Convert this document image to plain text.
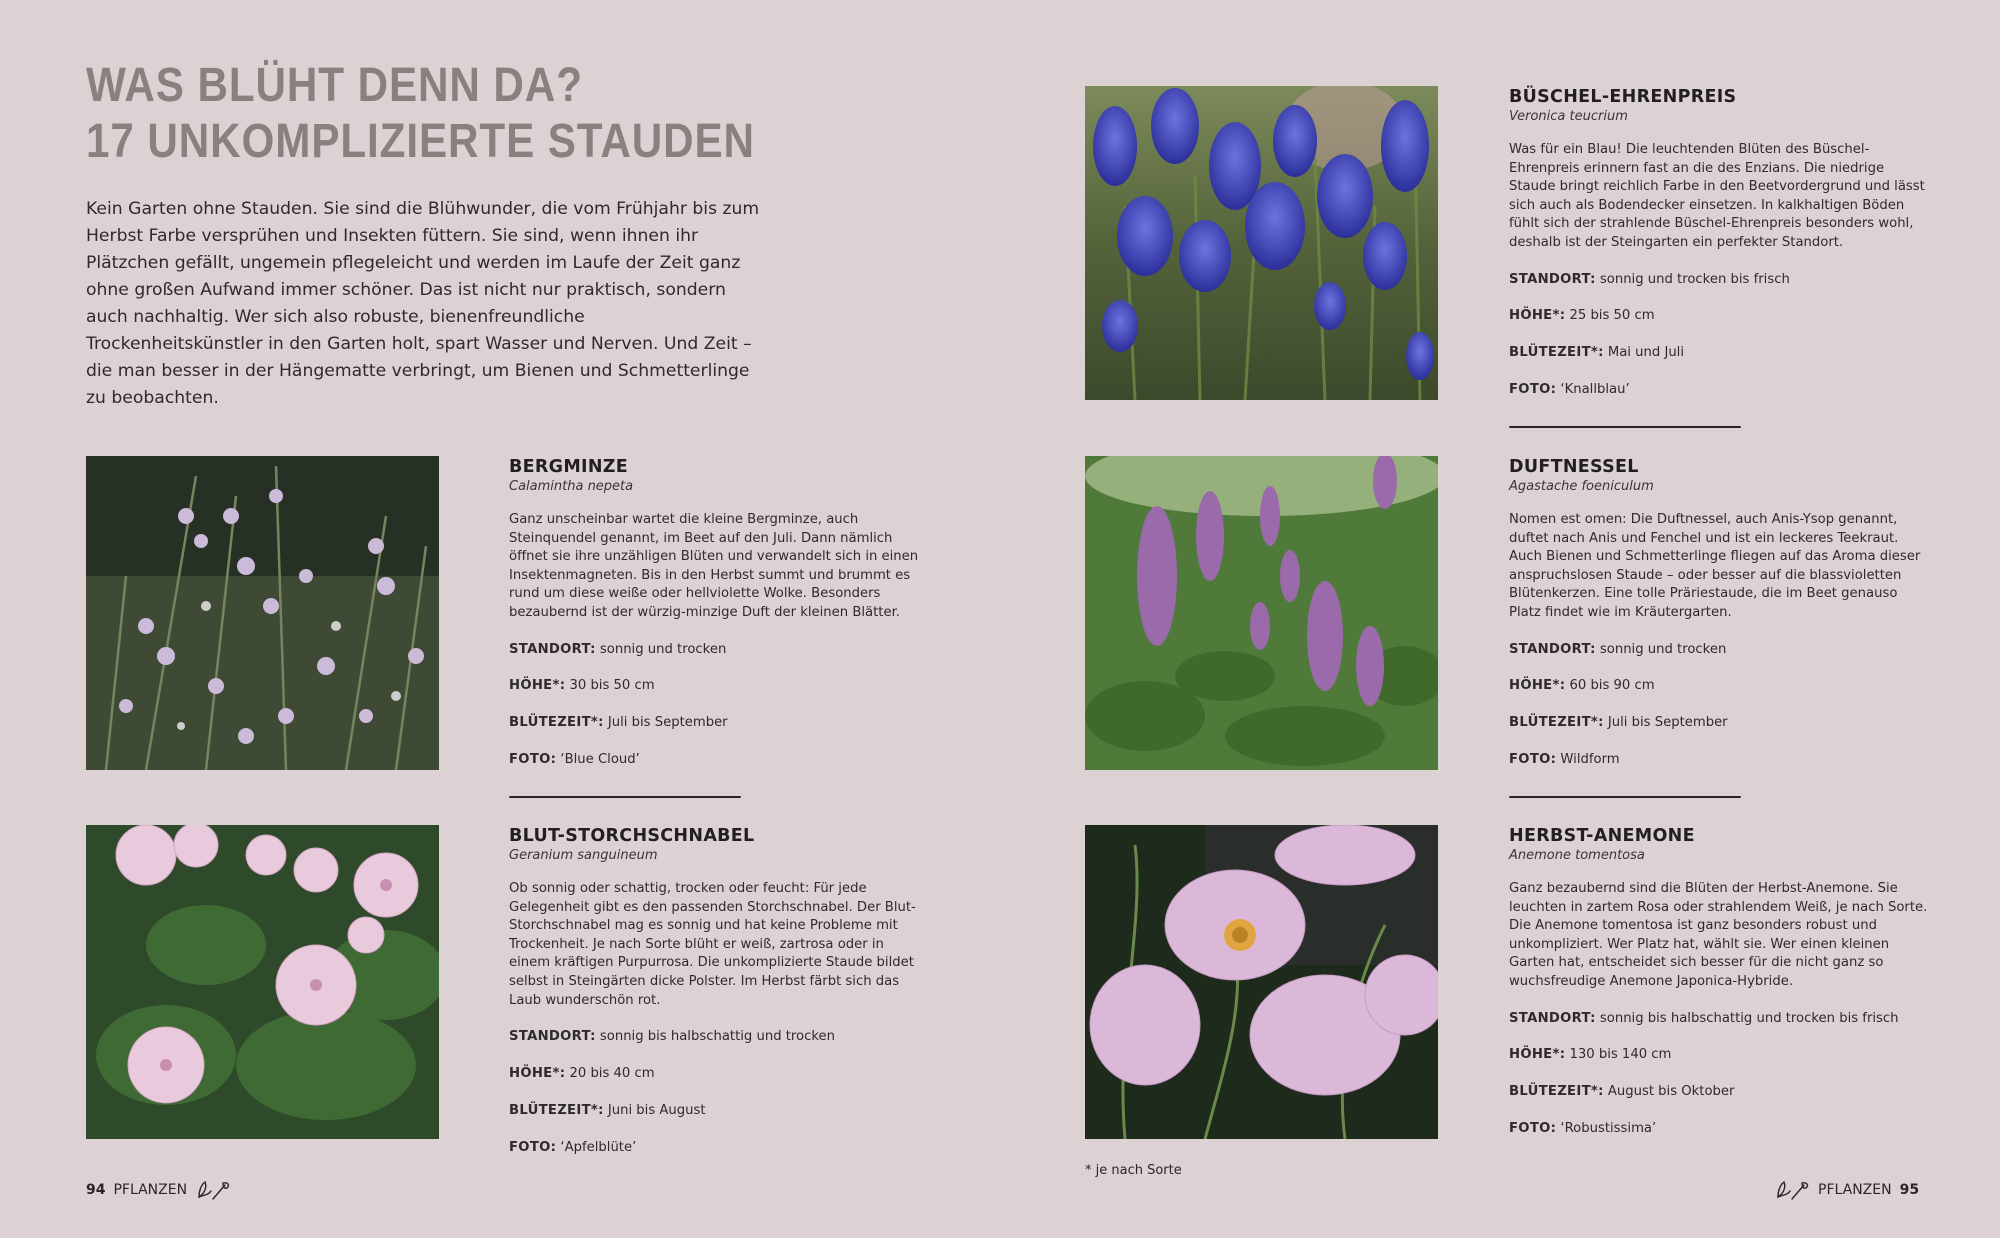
WAS BLÜHT DENN DA?
17 UNKOMPLIZIERTE STAUDEN

Kein Garten ohne Stauden. Sie sind die Blühwunder, die vom Frühjahr bis zum Herbst Farbe versprühen und Insekten füttern. Sie sind, wenn ihnen ihr Plätzchen gefällt, ungemein pflegeleicht und werden im Laufe der Zeit ganz ohne großen Aufwand immer schöner. Das ist nicht nur praktisch, sondern auch nachhaltig. Wer sich also robuste, bienenfreundliche Trockenheitskünstler in den Garten holt, spart Wasser und Nerven. Und Zeit – die man besser in der Hängematte verbringt, um Bienen und Schmetterlinge zu beobachten.

BÜSCHEL-EHRENPREIS

Veronica teucrium

Was für ein Blau! Die leuchtenden Blüten des Büschel-Ehrenpreis erinnern fast an die des Enzians. Die niedrige Staude bringt reichlich Farbe in den Beetvordergrund und lässt sich auch als Bodendecker einsetzen. In kalkhaltigen Böden fühlt sich der strahlende Büschel-Ehrenpreis besonders wohl, deshalb ist der Steingarten ein perfekter Standort.

STANDORT: sonnig und trocken bis frisch

HÖHE*: 25 bis 50 cm

BLÜTEZEIT*: Mai und Juli

FOTO: ‘Knallblau’

BERGMINZE

Calamintha nepeta

Ganz unscheinbar wartet die kleine Bergminze, auch Steinquendel genannt, im Beet auf den Juli. Dann nämlich öffnet sie ihre unzähligen Blüten und verwandelt sich in einen Insektenmagneten. Bis in den Herbst summt und brummt es rund um diese weiße oder hellviolette Wolke. Besonders bezaubernd ist der würzig-minzige Duft der kleinen Blätter.

STANDORT: sonnig und trocken

HÖHE*: 30 bis 50 cm

BLÜTEZEIT*: Juli bis September

FOTO: ‘Blue Cloud’

DUFTNESSEL

Agastache foeniculum

Nomen est omen: Die Duftnessel, auch Anis-Ysop genannt, duftet nach Anis und Fenchel und ist ein leckeres Teekraut. Auch Bienen und Schmetterlinge fliegen auf das Aroma dieser anspruchslosen Staude – oder besser auf die blassvioletten Blütenkerzen. Eine tolle Präriestaude, die im Beet genauso Platz findet wie im Kräutergarten.

STANDORT: sonnig und trocken

HÖHE*: 60 bis 90 cm

BLÜTEZEIT*: Juli bis September

FOTO: Wildform

BLUT-STORCHSCHNABEL

Geranium sanguineum

Ob sonnig oder schattig, trocken oder feucht: Für jede Gelegenheit gibt es den passenden Storchschnabel. Der Blut-Storchschnabel mag es sonnig und hat keine Probleme mit Trockenheit. Je nach Sorte blüht er weiß, zartrosa oder in einem kräftigen Purpurrosa. Die unkomplizierte Staude bildet selbst in Steingärten dicke Polster. Im Herbst färbt sich das Laub wunderschön rot.

STANDORT: sonnig bis halbschattig und trocken

HÖHE*: 20 bis 40 cm

BLÜTEZEIT*: Juni bis August

FOTO: ‘Apfelblüte’

HERBST-ANEMONE

Anemone tomentosa

Ganz bezaubernd sind die Blüten der Herbst-Anemone. Sie leuchten in zartem Rosa oder strahlendem Weiß, je nach Sorte. Die Anemone tomentosa ist ganz besonders robust und unkompliziert. Wer Platz hat, wählt sie. Wer einen kleinen Garten hat, entscheidet sich besser für die nicht ganz so wuchsfreudige Anemone Japonica-Hybride.

STANDORT: sonnig bis halbschattig und trocken bis frisch

HÖHE*: 130 bis 140 cm

BLÜTEZEIT*: August bis Oktober

FOTO: ‘Robustissima’

* je nach Sorte
94 PFLANZEN	PFLANZEN 95
